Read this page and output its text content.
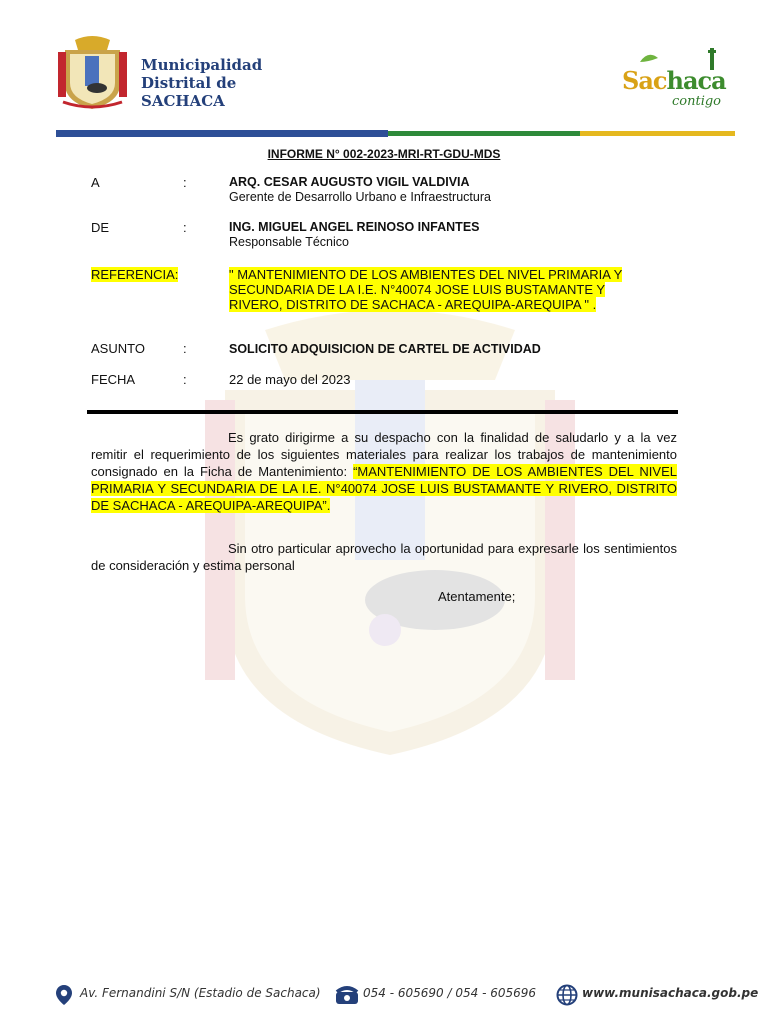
Municipalidad
Distrital de
SACHACA
Sachaca
contigo
INFORME N° 002-2023-MRI-RT-GDU-MDS
A	:	ARQ. CESAR AUGUSTO VIGIL VALDIVIA
Gerente de Desarrollo Urbano e Infraestructura
DE	:	ING. MIGUEL ANGEL REINOSO INFANTES
Responsable Técnico
REFERENCIA:	" MANTENIMIENTO DE LOS AMBIENTES DEL NIVEL PRIMARIA Y
SECUNDARIA DE LA I.E. N°40074 JOSE LUIS BUSTAMANTE Y
RIVERO, DISTRITO DE SACHACA - AREQUIPA-AREQUIPA " .
ASUNTO	:	SOLICITO ADQUISICION DE CARTEL DE ACTIVIDAD
FECHA	:	22 de mayo del 2023
Es grato dirigirme a su despacho con la finalidad de saludarlo y a la vez remitir el requerimiento de los siguientes materiales para realizar los trabajos de mantenimiento consignado en la Ficha de Mantenimiento: “MANTENIMIENTO DE LOS AMBIENTES DEL NIVEL PRIMARIA Y SECUNDARIA DE LA I.E. N°40074 JOSE LUIS BUSTAMANTE Y RIVERO, DISTRITO DE SACHACA - AREQUIPA-AREQUIPA”.
Sin otro particular aprovecho la oportunidad para expresarle los sentimientos de consideración y estima personal
Atentamente;
Av. Fernandini S/N (Estadio de Sachaca)	054 - 605690 / 054 - 605696	www.munisachaca.gob.pe
